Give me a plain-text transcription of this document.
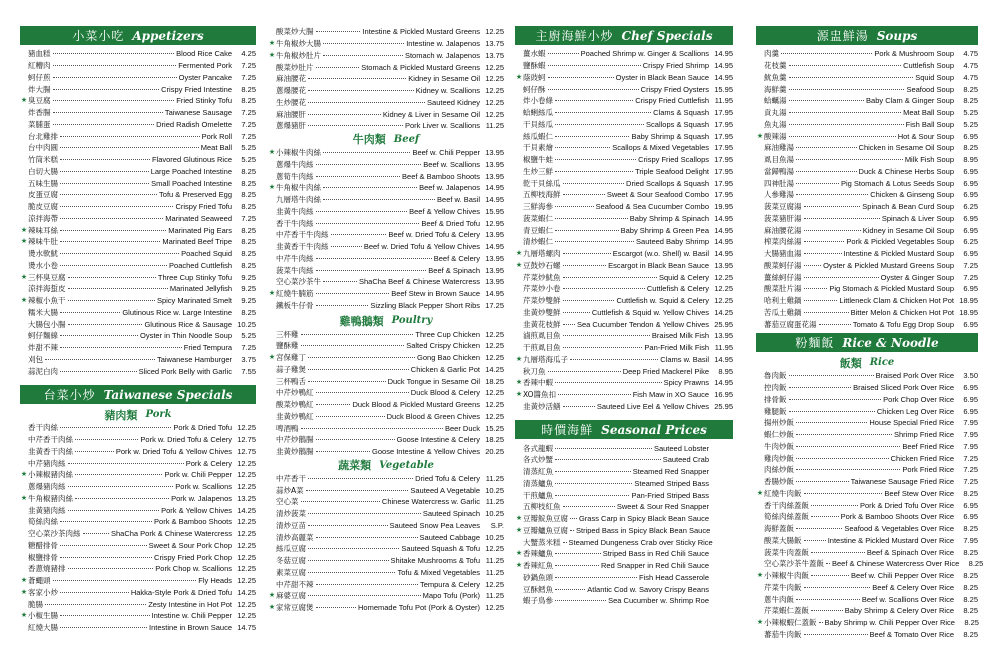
小菜小吃 Appetizers
豬血糕	Blood Rice Cake	4.25
紅糟肉	Fermented Pork	7.25
蚵仔煎	Oyster Pancake	7.25
炸大腸	Crispy Fried Intestine	8.25
★ 臭豆腐	Fried Stinky Tofu	8.25
炸香腸	Taiwanese Sausage	7.25
菜脯蛋	Dried Radish Omelette	7.25
台北雞排	Pork Roll	7.25
台中肉圓	Meat Ball	5.25
竹筒米糕	Flavored Glutinous Rice	5.25
白切大腸	Large Poached Intestine	8.25
五味生腸	Small Poached Intestine	8.25
皮蛋豆腐	Tofu & Preserved Egg	8.25
脆皮豆腐	Crispy Fried Tofu	8.25
涼拌海帶	Marinated Seaweed	7.25
★ 辣味耳絲	Marinated Pig Ears	8.25
★ 辣味牛肚	Marinated Beef Tripe	8.25
燙水軟魷	Poached Squid	8.25
燙水小卷	Poached Cuttlefish	8.25
★ 三杯臭豆腐	Three Cup Stinky Tofu	9.25
涼拌海蜇皮	Marinated Jellyfish	9.25
★ 辣椒小魚干	Spicy Marinated Smelt	9.25
糯米大腸	Glutinous Rice w. Large Intestine	8.25
大腸包小腸	Glutinous Rice & Sausage 10.25
蚵仔麵線	Oyster in Thin Noodle Soup	5.25
炸甜不辣	Fried Tempura	7.25
刈包	Taiwanese Hamburger	3.75
蒜泥白肉	Sliced Pork Belly with Garlic	7.55
台菜小炒 Taiwanese Specials
豬肉類 Pork
香干肉絲	Pork & Dried Tofu 12.25
中芹香干肉絲	Pork w. Dried Tofu & Celery 12.75
韭黃香干肉絲	Pork w. Dried Tofu & Yellow Chives 12.75
中芹豬肉絲	Pork & Celery 12.25
★ 小辣椒豬肉絲	Pork w. Chili Pepper 12.25
蔥爆豬肉絲	Pork w. Scallions 12.25
★ 牛角椒豬肉絲	Pork w. Jalapenos 13.25
韭黃豬肉絲	Pork & Yellow Chives 14.25
筍絲肉絲	Pork & Bamboo Shoots 12.25
空心菜沙茶肉絲	ShaCha Pork & Chinese Watercress 12.25
糖醋排骨	Sweet & Sour Pork Chop 12.25
椒鹽排骨	Crispy Fried Pork Chop 12.25
香蔥燒豬排	Pork Chop w. Scallions 12.25
★ 蒼蠅頭	Fly Heads 12.25
★ 客家小炒	Hakka-Style Pork & Dried Tofu 14.25
脆腸	Zesty Intestine in Hot Pot 12.25
★ 小椒生腸	Intestine w. Chili Pepper 12.25
紅燒大腸	Intestine in Brown Sauce 14.75
酸菜炒大腸	Intestine & Pickled Mustard Greens 12.25
★ 牛角椒炒大腸	Intestine w. Jalapenos 13.75
★ 牛角椒炒肚片	Stomach w. Jalapenos 13.75
酸菜炒肚片	Stomach & Pickled Mustard Greens 12.25
麻油腰花	Kidney in Sesame Oil 12.25
蔥爆腰花	Kidney w. Scallions 12.25
生炒腰花	Sauteed Kidney 12.25
麻油腰肝	Kidney & Liver in Sesame Oil 12.25
蔥爆豬肝	Pork Liver w. Scallions 11.25
牛肉類 Beef
★ 小辣椒牛肉絲	Beef w. Chili Pepper 13.95
蔥爆牛肉絲	Beef w. Scallions 13.95
蔥筍牛肉絲	Beef & Bamboo Shoots 13.95
★ 牛角椒牛肉絲	Beef w. Jalapenos 14.95
九層塔牛肉絲	Beef w. Basil 14.95
韭黃牛肉絲	Beef & Yellow Chives 15.95
香干牛肉絲	Beef & Dried Tofu 12.95
中芹香干牛肉絲	Beef w. Dried Tofu & Celery 13.95
韭黃香干牛肉絲	Beef w. Dried Tofu & Yellow Chives 14.95
中芹牛肉絲	Beef & Celery 13.95
菠菜牛肉絲	Beef & Spinach 13.95
空心菜沙茶牛	ShaCha Beef & Chinese Watercress 13.95
★ 紅燒牛腩筋	Beef Stew in Brown Sauce 14.95
鐵板牛仔骨	Sizzling Black Pepper Short Ribs 17.25
雞鴨鵝類 Poultry
三杯雞	Three Cup Chicken 12.25
鹽酥雞	Salted Crispy Chicken 12.25
★ 宮保雞丁	Gong Bao Chicken 12.25
蒜子雞煲	Chicken & Garlic Pot 14.25
三杯鴨舌	Duck Tongue in Sesame Oil 18.25
中芹炒鴨紅	Duck Blood & Celery 12.25
酸菜炒鴨紅	Duck Blood & Pickled Mustard Greens 12.25
韭黃炒鴨紅	Duck Blood & Green Chives 12.25
啤酒鴨	Beer Duck 15.25
中芹炒鵝腸	Goose Intestine & Celery 18.25
韭黃炒鵝腸	Goose Intestine & Yellow Chives 20.25
蔬菜類 Vegetable
中芹香干	Dried Tofu & Celery 11.25
蒜炒A菜	Sauteed A Vegetable 10.25
空心菜	Chinese Watercress w. Garlic 11.25
清炒菠菜	Sauteed Spinach 10.25
清炒豆苗	Sauteed Snow Pea Leaves	S.P.
清炒高麗菜	Sauteed Cabbage 10.25
絲瓜豆腐	Sauteed Squash & Tofu 12.25
冬菇豆腐	Shitake Mushrooms & Tofu 11.25
素菜豆腐	Tofu & Mixed Vegetables 11.25
中芹甜不辣	Tempura & Celery 12.25
★ 麻婆豆腐	Mapo Tofu (Pork) 11.25
★ 家常豆腐煲	Homemade Tofu Pot (Pork & Oyster) 12.25
主廚海鮮小炒 Chef Specials
薑水蝦	Poached Shrimp w. Ginger & Scallions 14.95
鹽酥蝦	Crispy Fried Shrimp 14.95
★ 蔭豉蚵	Oyster in Black Bean Sauce 14.95
蚵仔酥	Crispy Fried Oysters 15.95
炸小卷條	Crispy Fried Cuttlefish 11.95
蛤蜊絲瓜	Clams & Squash 17.95
干貝絲瓜	Scallops & Squash 17.95
絲瓜蝦仁	Baby Shrimp & Squash 17.95
干貝素燴	Scallops & Mixed Vegetables 17.95
椒鹽牛蛙	Crispy Fried Scallops 17.95
生炒三鮮	Triple Seafood Delight 17.95
乾干貝絲瓜	Dried Scallops & Squash 17.95
五柳枝海鮮	Sweet & Sour Seafood Combo 17.95
三鮮海參	Seafood & Sea Cucumber Combo 19.95
菠菜蝦仁	Baby Shrimp & Spinach 14.95
青豆蝦仁	Baby Shrimp & Green Pea 14.95
清炒蝦仁	Sauteed Baby Shrimp 14.95
★ 九層塔螺肉	Escargot (w.o. Shell) w. Basil 14.95
★ 豆鼓炒石螺	Escargot in Black Bean Sauce 13.95
芹菜炒魷魚	Squid & Celery 12.25
芹菜炒小卷	Cuttlefish & Celery 12.25
芹菜炒雙鮮	Cuttlefish w. Squid & Celery 12.25
韭黃炒雙鮮	Cuttlefish & Squid w. Yellow Chives 14.25
韭黃花枝鮮 Sea Cucumber Tendon & Yellow Chives 25.95
滷煎虱目魚	Braised Milk Fish 13.95
干煎虱目魚	Pan-Fried Milk Fish 11.95
★ 九層塔海瓜子	Clams w. Basil 14.95
秋刀魚	Deep Fried Mackerel Pike	8.95
★ 香辣中蝦	Spicy Prawns 14.95
★ XO醬魚扣	Fish Maw in XO Sauce 16.95
韭黃炒活鱔	Sauteed Live Eel & Yellow Chives 25.95
時價海鮮 Seasonal Prices
各式龍蝦	Sauteed Lobster
各式炒蟹	Sauteed Crab
清蒸紅魚	Steamed Red Snapper
清蒸鱸魚	Steamed Striped Bass
干煎鱸魚	Pan-Fried Striped Bass
五柳枝紅魚	Sweet & Sour Red Snapper
★ 豆瓣鯇魚豆腐 Grass Carp in Spicy Black Bean Sauce
★ 豆瓣鱸魚豆腐 Striped Bass in Spicy Black Bean Sauce
大蟹蒸米糕 Steamed Dungeness Crab over Sticky Rice
★ 香辣鱸魚	Striped Bass in Red Chili Sauce
★ 香辣紅魚	Red Snapper in Red Chili Sauce
砂鍋魚頭	Fish Head Casserole
豆酥鱈魚	Atlantic Cod w. Savory Crispy Beans
蝦子鳥參	Sea Cucumber w. Shrimp Roe
源盅鮮湯 Soups
肉羹	Pork & Mushroom Soup	4.75
花枝羹	Cuttlefish Soup	4.75
魷魚羹	Squid Soup	4.75
海鮮羹	Seafood Soup	8.25
蛤蠣湯	Baby Clam & Ginger Soup	8.25
貢丸湯	Meat Ball Soup	5.25
魚丸湯	Fish Ball Soup	5.25
★ 酸辣湯	Hot & Sour Soup	6.95
麻油雞湯	Chicken in Sesame Oil Soup	8.25
虱目魚湯	Milk Fish Soup	8.95
當歸鴨湯	Duck & Chinese Herbs Soup	6.95
四神肚湯	Pig Stomach & Lotus Seeds Soup	6.95
人參雞湯	Chicken & Ginseng Soup	6.95
菠菜豆腐湯	Spinach & Bean Curd Soup	6.25
菠菜豬肝湯	Spinach & Liver Soup	6.95
麻油腰花湯	Kidney in Sesame Oil Soup	6.95
榨菜肉絲湯	Pork & Pickled Vegetables Soup	6.25
大腸豬血湯	Intestine & Pickled Mustard Soup	6.95
酸菜蚵仔湯	Oyster & Pickled Mustard Greens Soup	7.25
薑絲蚵仔湯	Oyster & Ginger Soup	7.25
酸菜肚片湯	Pig Stomach & Pickled Mustard Soup	6.95
哈利土雞鍋	Littleneck Clam & Chicken Hot Pot 18.95
苦瓜土雞鍋	Bitter Melon & Chicken Hot Pot 18.95
蕃茄豆腐蛋花湯	Tomato & Tofu Egg Drop Soup	6.95
粉麵飯 Rice & Noodle
飯類 Rice
魯肉飯	Braised Pork Over Rice	3.50
控肉飯	Braised Sliced Pork Over Rice	6.95
排骨飯	Pork Chop Over Rice	6.95
雞腿飯	Chicken Leg Over Rice	6.95
揚州炒飯	House Special Fried Rice	7.95
蝦仁炒飯	Shrimp Fried Rice	7.95
牛肉炒飯	Beef Fried Rice	7.95
雞肉炒飯	Chicken Fried Rice	7.25
肉絲炒飯	Pork Fried Rice	7.25
香腸炒飯	Taiwanese Sausage Fried Rice	7.25
★ 紅燒牛肉飯	Beef Stew Over Rice	8.25
香干肉絲蓋飯	Pork & Dried Tofu Over Rice	6.95
筍絲肉絲蓋飯	Pork & Bamboo Shoots Over Rice	6.95
海鮮蓋飯	Seafood & Vegetables Over Rice	8.25
酸菜大腸飯	Intestine & Pickled Mustard Over Rice	7.95
菠菜牛肉蓋飯	Beef & Spinach Over Rice	8.25
空心菜沙茶牛蓋飯 Beef & Chinese Watercress Over Rice	8.25
★ 小辣椒牛肉飯	Beef w. Chili Pepper Over Rice	8.25
芹菜牛肉飯	Beef & Celery Over Rice	8.25
蔥牛肉飯	Beef w. Scallions Over Rice	8.25
芹菜蝦仁蓋飯	Baby Shrimp & Celery Over Rice	8.25
★ 小辣椒蝦仁蓋飯 Baby Shrimp w. Chili Pepper Over Rice	8.25
蕃茄牛肉飯	Beef & Tomato Over Rice	8.25
